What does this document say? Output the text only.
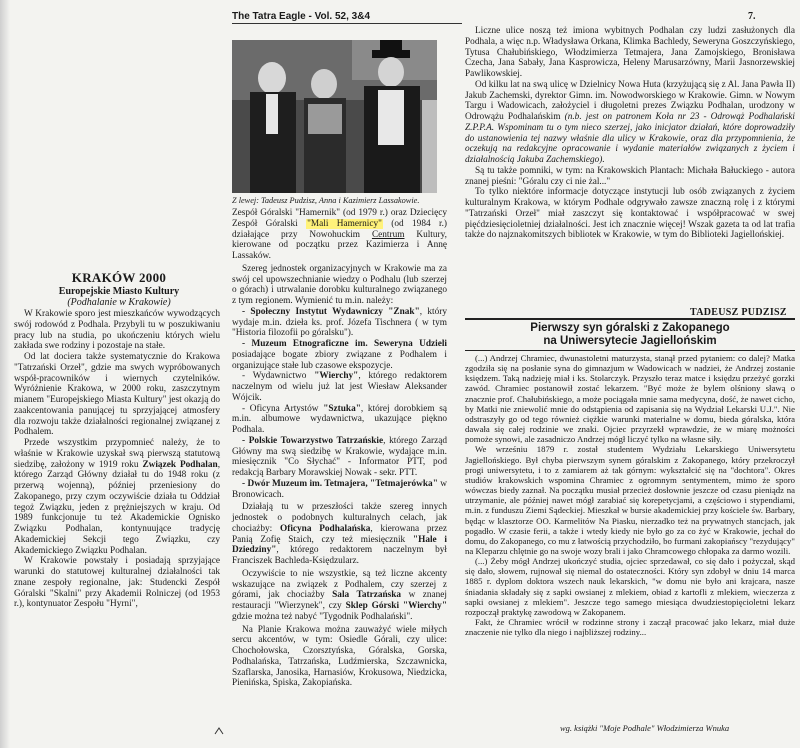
The Tatra Eagle - Vol. 52, 3&4	7.
Z lewej: Tadeusz Pudzisz, Anna i Kazimierz Lassakowie.

Zespół Góralski "Hamernik" (od 1979 r.) oraz Dziecięcy Zespół Góralski "Mali Hamernicy" (od 1984 r.) działające przy Nowohuckim Centrum Kultury, kierowane od początku przez Kazimierza i Annę Lassaków.

Szereg jednostek organizacyjnych w Krakowie ma za swój cel upowszechnianie wiedzy o Podhalu (lub szerzej o górach) i utrwalanie dorobku kulturalnego związanego z tym regionem. Wymienić tu m.in. należy:

- Społeczny Instytut Wydawniczy "Znak", który wydaje m.in. dzieła ks. prof. Józefa Tischnera ( w tym "Historia filozofii po góralsku").

- Muzeum Etnograficzne im. Seweryna Udzieli posiadające bogate zbiory związane z Podhalem i organizujące stałe lub czasowe ekspozycje.

- Wydawnictwo "Wierchy", którego redaktorem naczelnym od wielu już lat jest Wiesław Aleksander Wójcik.

- Oficyna Artystów "Sztuka", której dorobkiem są m.in. albumowe wydawnictwa, ukazujące piękno Podhala.

- Polskie Towarzystwo Tatrzańskie, którego Zarząd Główny ma swą siedzibę w Krakowie, wydające m.in. miesięcznik "Co Słychać" - Informator PTT, pod redakcją Barbary Morawskiej Nowak - sekr. PTT.

- Dwór Muzeum im. Tetmajera, "Tetmajerówka" w Bronowicach.

Działają tu w przeszłości także szereg innych jednostek o podobnych kulturalnych celach, jak chociażby: Oficyna Podhalańska, kierowana przez Panią Zofię Staich, czy też miesięcznik "Hale i Dziedziny", którego redaktorem naczelnym był Franciszek Bachleda-Księdzularz.

Oczywiście to nie wszystkie, są też liczne akcenty wskazujące na związek z Podhalem, czy szerzej z górami, jak chociażby Sala Tatrzańska w znanej restauracji "Wierzynek", czy Sklep Górski "Wierchy" gdzie można też nabyć "Tygodnik Podhalański".

Na Planie Krakowa można zauważyć wiele miłych sercu akcentów, w tym: Osiedle Górali, czy ulice: Chochołowska, Czorsztyńska, Góralska, Gorska, Podhalańska, Tatrzańska, Ludźmierska, Szczawnicka, Szaflarska, Janosika, Harnasiów, Krokusowa, Niedzicka, Pienińska, Spiska, Zakopiańska.

KRAKÓW 2000
Europejskie Miasto Kultury
(Podhalanie w Krakowie)

W Krakowie sporo jest mieszkańców wywodzących swój rodowód z Podhala. Przybyli tu w poszukiwaniu pracy lub na studia, po ukończeniu których wielu zakłada swe rodziny i pozostaje na stałe.

Od lat dociera także systematycznie do Krakowa "Tatrzański Orzeł", gdzie ma swych wypróbowanych współ-pracowników i wiernych czytelników. Wyróżnienie Krakowa, w 2000 roku, zaszczytnym mianem "Europejskiego Miasta Kultury" jest okazją do zaakcentowania panującej tu sprzyjającej atmosfery dla rozwoju także działalności regionalnej związanej z Podhalem.

Przede wszystkim przypomnieć należy, że to właśnie w Krakowie uzyskał swą pierwszą statutową siedzibę, założony w 1919 roku Związek Podhalan, którego Zarząd Główny działał tu do 1948 roku (z przerwą wojenną), później przeniesiony do Zakopanego, przy czym oczywiście działa tu Oddział tegoż Związku, jeden z prężniejszych w kraju. Od 1989 funkcjonuje tu też Akademickie Ognisko Związku Podhalan, kontynuujące tradycję Akademickiej Sekcji tego Związku, czy Akademickiego Związku Podhalan.

W Krakowie powstały i posiadają sprzyjające warunki do statutowej kulturalnej działalności tak znane zespoły regionalne, jak: Studencki Zespół Góralski "Skalni" przy Akademii Rolniczej (od 1953 r.), kontynuator Zespołu "Hyrni",

Liczne ulice noszą też imiona wybitnych Podhalan czy ludzi zasłużonych dla Podhala, a więc n.p. Władysława Orkana, Klimka Bachledy, Seweryna Goszczyńskiego, Tytusa Chałubińskiego, Włodzimierza Tetmajera, Jana Zamojskiego, Bronisława Czecha, Jana Sabały, Jana Kasprowicza, Heleny Marusarzówny, Marii Jasnorzewskiej Pawlikowskiej.

Od kilku lat na swą ulicę w Dzielnicy Nowa Huta (krzyżującą się z Al. Jana Pawła II) Jakub Zachemski, dyrektor Gimn. im. Nowodworskiego w Krakowie. Gimn. w Nowym Targu i Wadowicach, założyciel i długoletni prezes Związku Podhalan, urodzony w Odrowążu Podhalańskim (n.b. jest on patronem Koła nr 23 - Odrowąż Podhalański Z.P.P.A. Wspominam tu o tym nieco szerzej, jako inicjator działań, które doprowadziły do ustanowienia tej nazwy właśnie dla ulicy w Krakowie, oraz dla przypomnienia, że oczekują na redakcyjne opracowanie i wydanie materiałów związanych z życiem i działalnością Jakuba Zachemskiego).

Są tu także pomniki, w tym: na Krakowskich Plantach: Michała Bałuckiego - autora znanej pieśni: "Góralu czy ci nie żal..."

To tylko niektóre informacje dotyczące instytucji lub osób związanych z życiem kulturalnym Krakowa, w którym Podhale odgrywało zawsze znaczną rolę i z którymi "Tatrzański Orzeł" miał zaszczyt się kontaktować i współpracować w swej pięćdziesięcioletniej działalności. Jest ich znacznie więcej! Wszak gazeta ta od lat trafia także do najznakomitszych bibliotek w Krakowie, w tym do Biblioteki Jagiellońskiej.

TADEUSZ PUDZISZ
Pierwszy syn góralski z Zakopanego
na Uniwersytecie Jagiellońskim

(...) Andrzej Chramiec, dwunastoletni maturzysta, stanął przed pytaniem: co dalej? Matka zgodziła się na posłanie syna do gimnazjum w Wadowicach w nadziei, że Andrzej zostanie księdzem. Taką nadzieję miał i ks. Stolarczyk. Przyszło teraz matce i księdzu przeżyć gorzki zawód. Chramiec postanowił zostać lekarzem. "Być może że bylem olśniony sławą o znacznie prof. Chałubińskiego, a może pociągała mnie sama medycyna, dość, że nawet cicho, by Matki nie zniewolić mnie do odstąpienia od zapisania się na Wydział Lekarski U.J.". Nie odstraszyły go od tego również ciężkie warunki materialne w domu, bieda góralska, która dawała się całej rodzinie we znaki. Ojciec przyrzekł wprawdzie, że w miarę możności pomoże synowi, ale zasadniczo Andrzej mógł liczyć tylko na własne siły.

We wrześniu 1879 r. został studentem Wydziału Lekarskiego Uniwersytetu Jagiellońskiego. Był chyba pierwszym synem góralskim z Zakopanego, który przekroczył progi uniwersytetu, i to z zamiarem aż tak górnym: wykształcić się na "dochtora". Okres studiów krakowskich wspomina Chramiec z ogromnym sentymentem, mimo że sporo wówczas biedy zaznał. Na początku musiał przecież dosłownie jeszcze od czasu pieniądz na utrzymanie, ale później nawet mógł zarabiać się korepetycjami, a częściowo i stypendiami, m.in. z funduszu Ziemi Sądeckiej. Mieszkał w bursie akademickiej przy kościele św. Barbary, będąc w klasztorze OO. Karmelitów Na Piasku, nierzadko też na prywatnych stancjach, jak pogadło. W czasie ferii, a także i wtedy kiedy nie było go za co żyć w Krakowie, jechał do domu, do Zakopanego, co mu z łatwością przychodziło, bo furmani zakopiańscy "rezydujący" na Kleparzu chlętnie go na swoje wozy brali i jako Chramcowego chłopaka za darmo wozili.

(...) Żeby mógł Andrzej ukończyć studia, ojciec sprzedawał, co się dało i pożyczał, skąd się dało, słowem, rujnował się niemal do ostateczności. Który syn zdobył w dniu 14 marca 1885 r. dyplom doktora wszech nauk lekarskich, "w domu nie było ani krajcara, nasze śniadania składały się z sapki owsianej z mlekiem, obiad z kartofli z mlekiem, wieczerza z sapki owsianej z mlekiem". Jeszcze tego samego miesiąca dwudziestopięcioletni lekarz rozpoczął praktykę zawodową w Zakopanem.

Fakt, że Chramiec wrócił w rodzinne strony i zaczął pracować jako lekarz, miał duże znaczenie nie tylko dla niego i najbliższej rodziny...

wg. książki "Moje Podhale" Włodzimierza Wnuka
